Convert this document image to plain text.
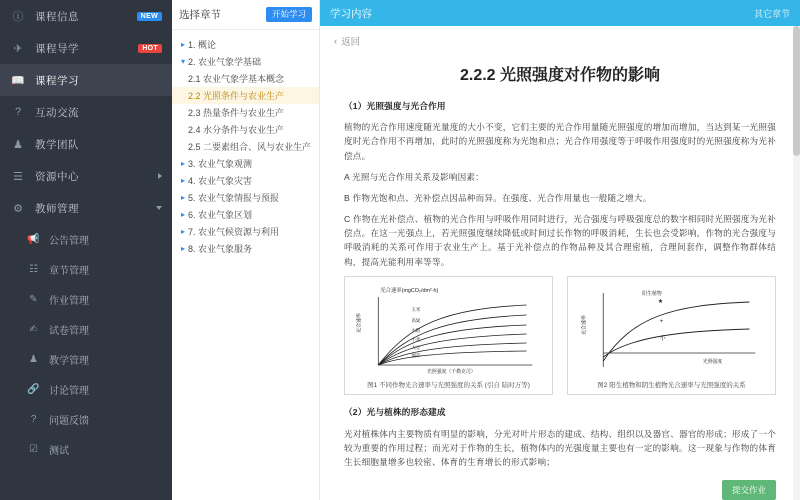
ⓘ 课程信息	NEW
✈	课程导学	HOT
📖 课程学习
?	互动交流
♟ 教学团队
☰ 资源中心
⚙ 教师管理
📢 公告管理
☷	章节管理
✎	作业管理
✍	试卷管理
♟	教学管理
🔗 讨论管理
?	问题反馈
☑	测试
选择章节	开始学习
▸ 1. 概论
▾ 2. 农业气象学基础
2.1 农业气象学基本概念
2.2 光照条件与农业生产
2.3 热量条件与农业生产
2.4 水分条件与农业生产
2.5 二要素组合、风与农业生产
▸ 3. 农业气象观测
▸ 4. 农业气象灾害
▸ 5. 农业气象情报与预报
▸ 6. 农业气象区划
▸ 7. 农业气候资源与利用
▸ 8. 农业气象服务
学习内容	其它章节
‹ 返回
2.2.2 光照强度对作物的影响

（1）光照强度与光合作用

植物的光合作用速度随光量度的大小不变，它们主要的光合作用量随光照强度的增加而增加，当达到某一光照强度时光合作用不再增加，此时的光照强度称为光饱和点；光合作用强度等于呼吸作用强度时的光照强度称为光补偿点。

A 光照与光合作用关系及影响因素：

B 作物光饱和点、光补偿点因品种而异。在强度、光合作用量也一般随之增大。

C 作物在光补偿点、植物的光合作用与呼吸作用同时进行，光合强度与呼吸强度总的数字相同时光照强度为光补偿点。在这一光强点上，若光照强度继续降低或时间过长作物的呼吸消耗，生长也会受影响，作物的光合强度与呼吸消耗的关系可作用于农业生产上。基于光补偿点的作物品种及其合理密植，合理间套作，调整作物群体结构，提高光能利用率等等。

光合速率(mgCO₂/dm²·h)
玉米
高粱
水稻
小麦
大豆
烟草
光照强度（千勒克司）
光合速率
图1 不同作物光合速率与光照强度的关系 (引自 陆时万等)
阳生植物
★
+
小
光照强度
光合速率
图2 阳生植物和阴生植物光合速率与光照强度的关系

（2）光与植株的形态建成

光对植株体内主要物质有明显的影响，分光对叶片形态的建成、结构、组织以及器官、器官的形成；形成了一个较为重要的作用过程；而光对于作物的生长，植物体内的光强度量主要也有一定的影响。这一现象与作物的体育生长细胞量增多也较密、体育的生育增长的形式影响；

提交作业
